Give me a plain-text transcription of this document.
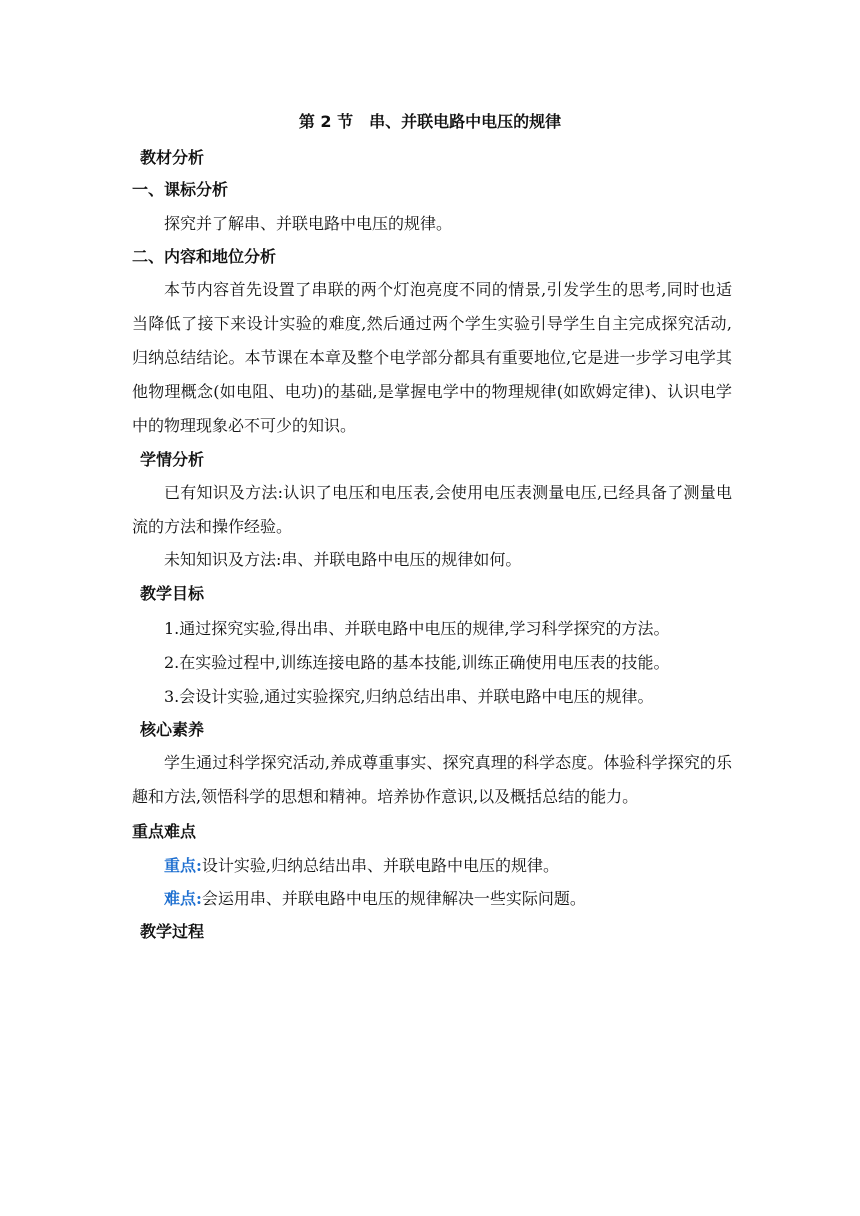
第 2 节 串、并联电路中电压的规律
教材分析
一、课标分析
探究并了解串、并联电路中电压的规律。
二、内容和地位分析
本节内容首先设置了串联的两个灯泡亮度不同的情景,引发学生的思考,同时也适当降低了接下来设计实验的难度,然后通过两个学生实验引导学生自主完成探究活动,归纳总结结论。本节课在本章及整个电学部分都具有重要地位,它是进一步学习电学其他物理概念(如电阻、电功)的基础,是掌握电学中的物理规律(如欧姆定律)、认识电学中的物理现象必不可少的知识。
学情分析
已有知识及方法:认识了电压和电压表,会使用电压表测量电压,已经具备了测量电流的方法和操作经验。
未知知识及方法:串、并联电路中电压的规律如何。
教学目标
1.通过探究实验,得出串、并联电路中电压的规律,学习科学探究的方法。
2.在实验过程中,训练连接电路的基本技能,训练正确使用电压表的技能。
3.会设计实验,通过实验探究,归纳总结出串、并联电路中电压的规律。
核心素养
学生通过科学探究活动,养成尊重事实、探究真理的科学态度。体验科学探究的乐趣和方法,领悟科学的思想和精神。培养协作意识,以及概括总结的能力。
重点难点
重点:设计实验,归纳总结出串、并联电路中电压的规律。
难点:会运用串、并联电路中电压的规律解决一些实际问题。
教学过程
